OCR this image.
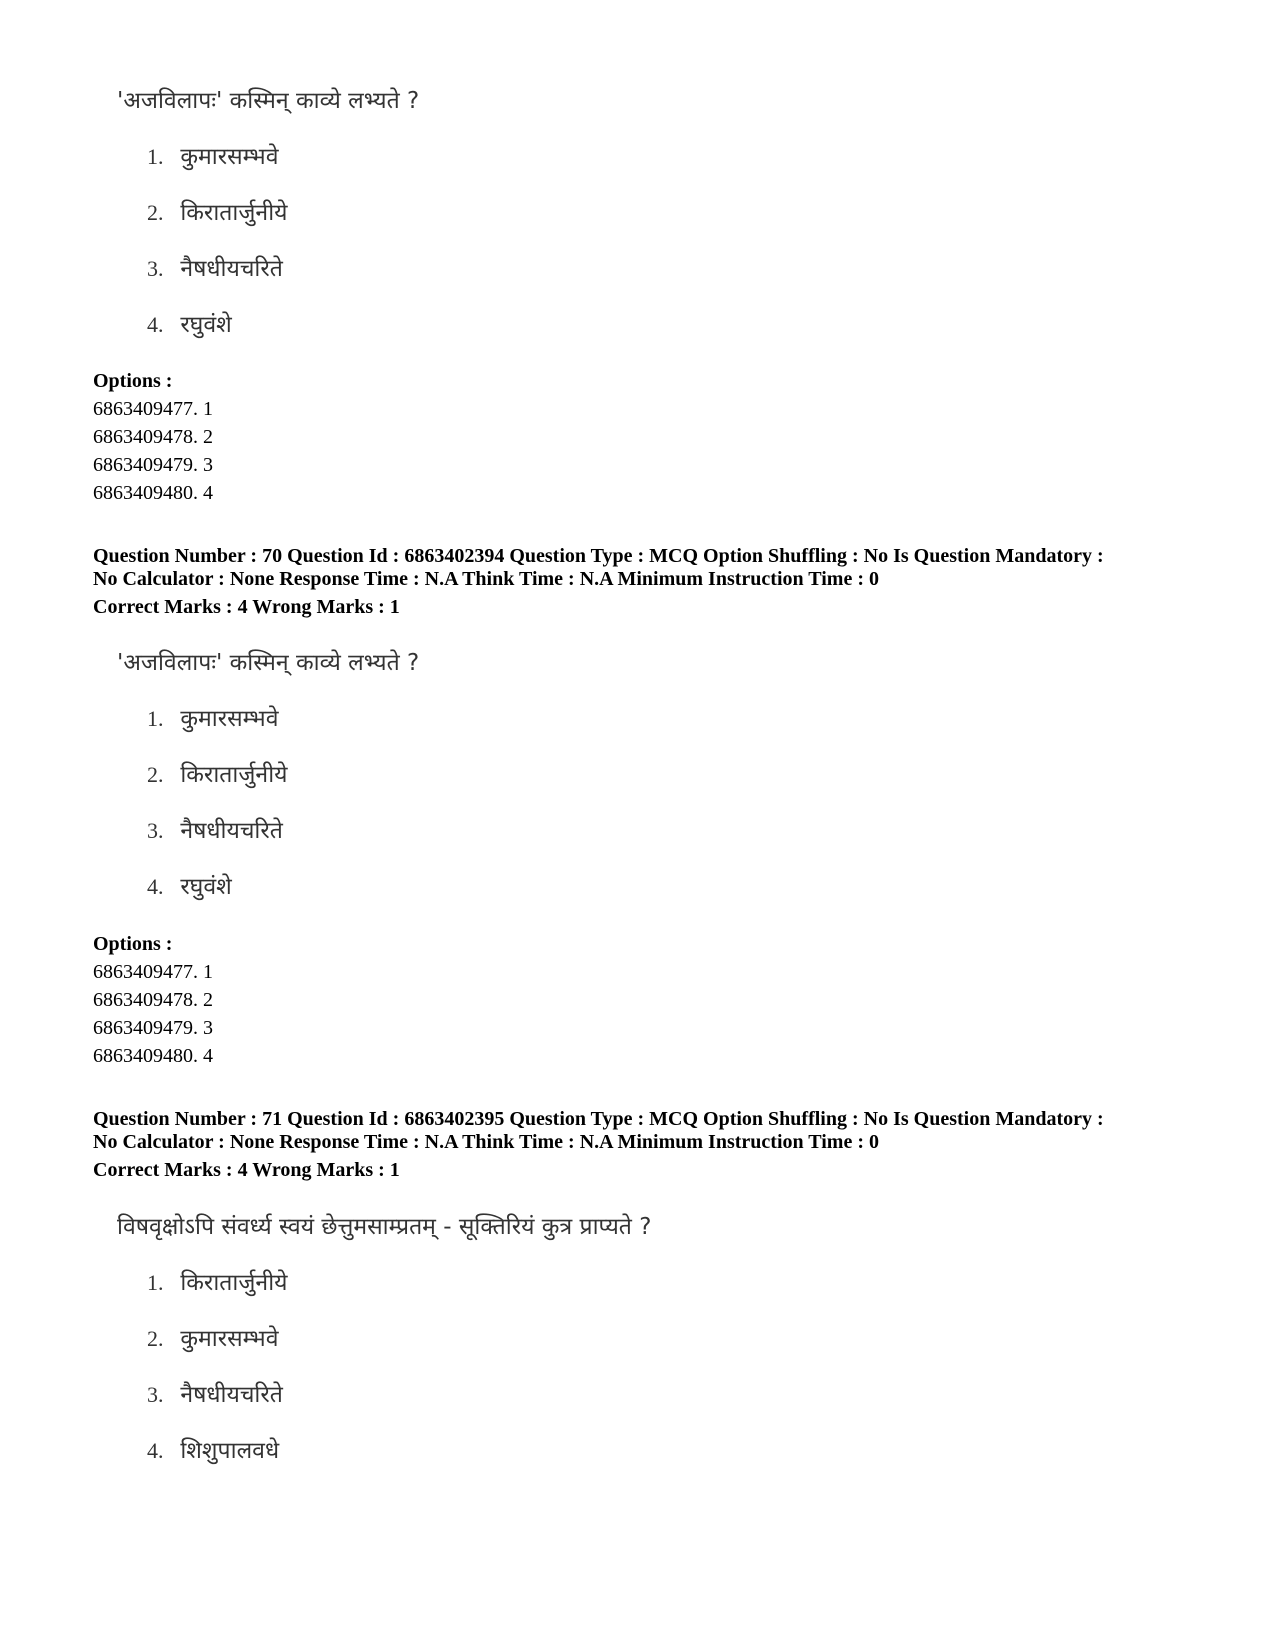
'अजविलापः' कस्मिन् काव्ये लभ्यते ?
1. कुमारसम्भवे
2. किरातार्जुनीये
3. नैषधीयचरिते
4. रघुवंशे
Options :
6863409477. 1
6863409478. 2
6863409479. 3
6863409480. 4
Question Number : 70 Question Id : 6863402394 Question Type : MCQ Option Shuffling : No Is Question Mandatory :
No Calculator : None Response Time : N.A Think Time : N.A Minimum Instruction Time : 0
Correct Marks : 4 Wrong Marks : 1
'अजविलापः' कस्मिन् काव्ये लभ्यते ?
1. कुमारसम्भवे
2. किरातार्जुनीये
3. नैषधीयचरिते
4. रघुवंशे
Options :
6863409477. 1
6863409478. 2
6863409479. 3
6863409480. 4
Question Number : 71 Question Id : 6863402395 Question Type : MCQ Option Shuffling : No Is Question Mandatory :
No Calculator : None Response Time : N.A Think Time : N.A Minimum Instruction Time : 0
Correct Marks : 4 Wrong Marks : 1
विषवृक्षोऽपि संवर्ध्य स्वयं छेत्तुमसाम्प्रतम् - सूक्तिरियं कुत्र प्राप्यते ?
1. किरातार्जुनीये
2. कुमारसम्भवे
3. नैषधीयचरिते
4. शिशुपालवधे
